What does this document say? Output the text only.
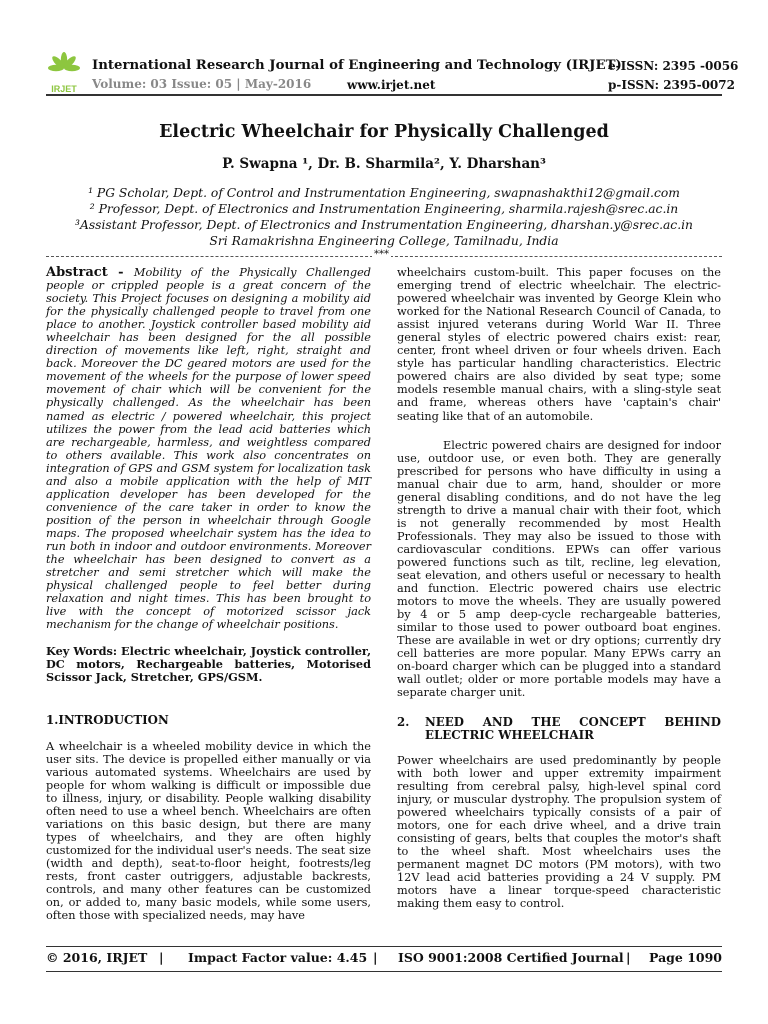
IRJET
International Research Journal of Engineering and Technology (IRJET)
Volume: 03 Issue: 05 | May-2016	www.irjet.net
e-ISSN: 2395 -0056
p-ISSN: 2395-0072
Electric Wheelchair for Physically Challenged
P. Swapna ¹, Dr. B. Sharmila², Y. Dharshan³
¹ PG Scholar, Dept. of Control and Instrumentation Engineering, swapnashakthi12@gmail.com
² Professor, Dept. of Electronics and Instrumentation Engineering, sharmila.rajesh@srec.ac.in
³Assistant Professor, Dept. of Electronics and Instrumentation Engineering, dharshan.y@srec.ac.in
Sri Ramakrishna Engineering College, Tamilnadu, India
***

Abstract - Mobility of the Physically Challenged people or crippled people is a great concern of the society. This Project focuses on designing a mobility aid for the physically challenged people to travel from one place to another. Joystick controller based mobility aid wheelchair has been designed for the all possible direction of movements like left, right, straight and back. Moreover the DC geared motors are used for the movement of the wheels for the purpose of lower speed movement of chair which will be convenient for the physically challenged. As the wheelchair has been named as electric / powered wheelchair, this project utilizes the power from the lead acid batteries which are rechargeable, harmless, and weightless compared to others available. This work also concentrates on integration of GPS and GSM system for localization task and also a mobile application with the help of MIT application developer has been developed for the convenience of the care taker in order to know the position of the person in wheelchair through Google maps. The proposed wheelchair system has the idea to run both in indoor and outdoor environments. Moreover the wheelchair has been designed to convert as a stretcher and semi stretcher which will make the physical challenged people to feel better during relaxation and night times. This has been brought to live with the concept of motorized scissor jack mechanism for the change of wheelchair positions.

Key Words: Electric wheelchair, Joystick controller, DC motors, Rechargeable batteries, Motorised Scissor Jack, Stretcher, GPS/GSM.

1.INTRODUCTION

A wheelchair is a wheeled mobility device in which the user sits. The device is propelled either manually or via various automated systems. Wheelchairs are used by people for whom walking is difficult or impossible due to illness, injury, or disability. People walking disability often need to use a wheel bench. Wheelchairs are often variations on this basic design, but there are many types of wheelchairs, and they are often highly customized for the individual user's needs. The seat size (width and depth), seat-to-floor height, footrests/leg rests, front caster outriggers, adjustable backrests, controls, and many other features can be customized on, or added to, many basic models, while some users, often those with specialized needs, may have

wheelchairs custom-built. This paper focuses on the emerging trend of electric wheelchair. The electric-powered wheelchair was invented by George Klein who worked for the National Research Council of Canada, to assist injured veterans during World War II. Three general styles of electric powered chairs exist: rear, center, front wheel driven or four wheels driven. Each style has particular handling characteristics. Electric powered chairs are also divided by seat type; some models resemble manual chairs, with a sling-style seat and frame, whereas others have 'captain's chair' seating like that of an automobile.

Electric powered chairs are designed for indoor use, outdoor use, or even both. They are generally prescribed for persons who have difficulty in using a manual chair due to arm, hand, shoulder or more general disabling conditions, and do not have the leg strength to drive a manual chair with their foot, which is not generally recommended by most Health Professionals. They may also be issued to those with cardiovascular conditions. EPWs can offer various powered functions such as tilt, recline, leg elevation, seat elevation, and others useful or necessary to health and function. Electric powered chairs use electric motors to move the wheels. They are usually powered by 4 or 5 amp deep-cycle rechargeable batteries, similar to those used to power outboard boat engines. These are available in wet or dry options; currently dry cell batteries are more popular. Many EPWs carry an on-board charger which can be plugged into a standard wall outlet; older or more portable models may have a separate charger unit.

2.	NEED AND THE CONCEPT BEHIND ELECTRIC WHEELCHAIR

Power wheelchairs are used predominantly by people with both lower and upper extremity impairment resulting from cerebral palsy, high-level spinal cord injury, or muscular dystrophy. The propulsion system of powered wheelchairs typically consists of a pair of motors, one for each drive wheel, and a drive train consisting of gears, belts that couples the motor's shaft to the wheel shaft. Most wheelchairs uses the permanent magnet DC motors (PM motors), with two 12V lead acid batteries providing a 24 V supply. PM motors have a linear torque-speed characteristic making them easy to control.

© 2016, IRJET | Impact Factor value: 4.45 | ISO 9001:2008 Certified Journal | Page 1090
